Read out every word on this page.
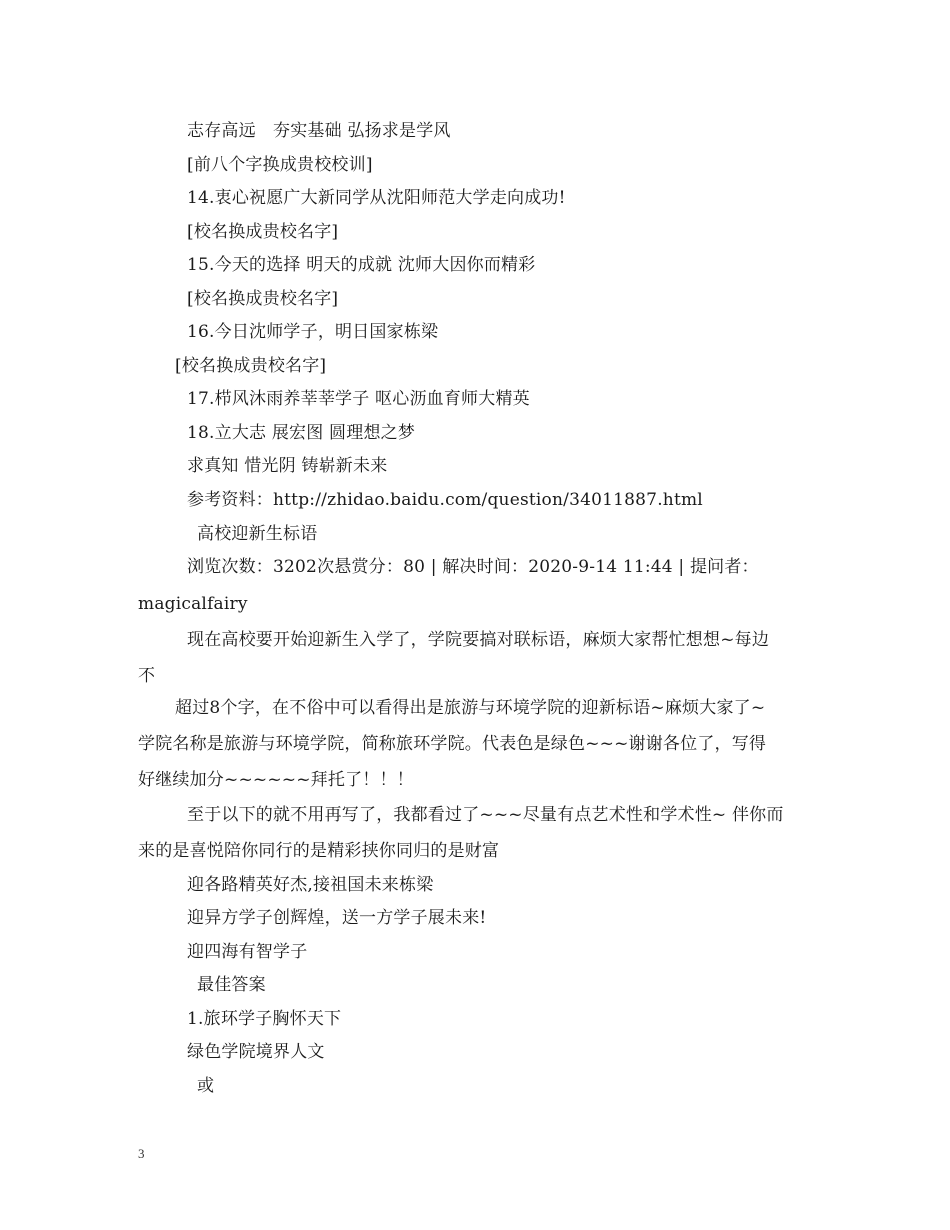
志存高远　夯实基础 弘扬求是学风
[前八个字换成贵校校训]
14.衷心祝愿广大新同学从沈阳师范大学走向成功!
[校名换成贵校名字]
15.今天的选择 明天的成就 沈师大因你而精彩
[校名换成贵校名字]
16.今日沈师学子，明日国家栋梁
[校名换成贵校名字]
17.栉风沐雨养莘莘学子 呕心沥血育师大精英
18.立大志 展宏图 圆理想之梦
求真知 惜光阴 铸崭新未来
参考资料：http://zhidao.baidu.com/question/34011887.html
高校迎新生标语
浏览次数：3202次悬赏分：80 | 解决时间：2020-9-14 11:44 | 提问者：
magicalfairy
现在高校要开始迎新生入学了，学院要搞对联标语，麻烦大家帮忙想想~每边
不
超过8个字，在不俗中可以看得出是旅游与环境学院的迎新标语~麻烦大家了~
学院名称是旅游与环境学院，简称旅环学院。代表色是绿色~~~谢谢各位了，写得
好继续加分~~~~~~拜托了！！！
至于以下的就不用再写了，我都看过了~~~尽量有点艺术性和学术性~ 伴你而
来的是喜悦陪你同行的是精彩挟你同归的是财富
迎各路精英好杰,接祖国未来栋梁
迎异方学子创辉煌，送一方学子展未来!
迎四海有智学子
最佳答案
1.旅环学子胸怀天下
绿色学院境界人文
或
3
